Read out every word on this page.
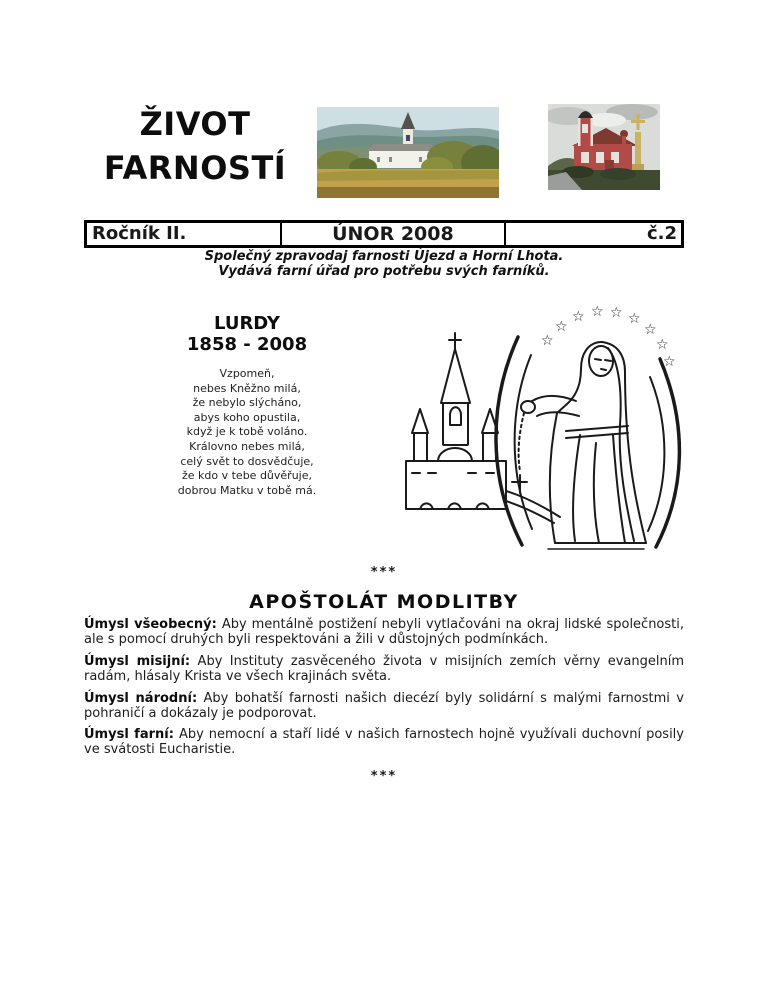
ŽIVOT
FARNOSTÍ
Ročník II.	ÚNOR 2008	č.2
Společný zpravodaj farnosti Újezd a Horní Lhota.
Vydává farní úřad pro potřebu svých farníků.
LURDY
1858 - 2008
Vzpomeň,
nebes Kněžno milá,
že nebylo slýcháno,
abys koho opustila,
když je k tobě voláno.
Královno nebes milá,
celý svět to dosvědčuje,
že kdo v tebe důvěřuje,
dobrou Matku v tobě má.
☆
☆
☆ ☆ ☆ ☆
☆
☆
☆
***
APOŠTOLÁT MODLITBY

Úmysl všeobecný: Aby mentálně postižení nebyli vytlačováni na okraj lidské společnosti, ale s pomocí druhých byli respektováni a žili v důstojných podmínkách.

Úmysl misijní: Aby Instituty zasvěceného života v misijních zemích věrny evangelním radám, hlásaly Krista ve všech krajinách světa.

Úmysl národní: Aby bohatší farnosti našich diecézí byly solidární s malými farnostmi v pohraničí a dokázaly je podporovat.

Úmysl farní: Aby nemocní a staří lidé v našich farnostech hojně využívali duchovní posily ve svátosti Eucharistie.

***
